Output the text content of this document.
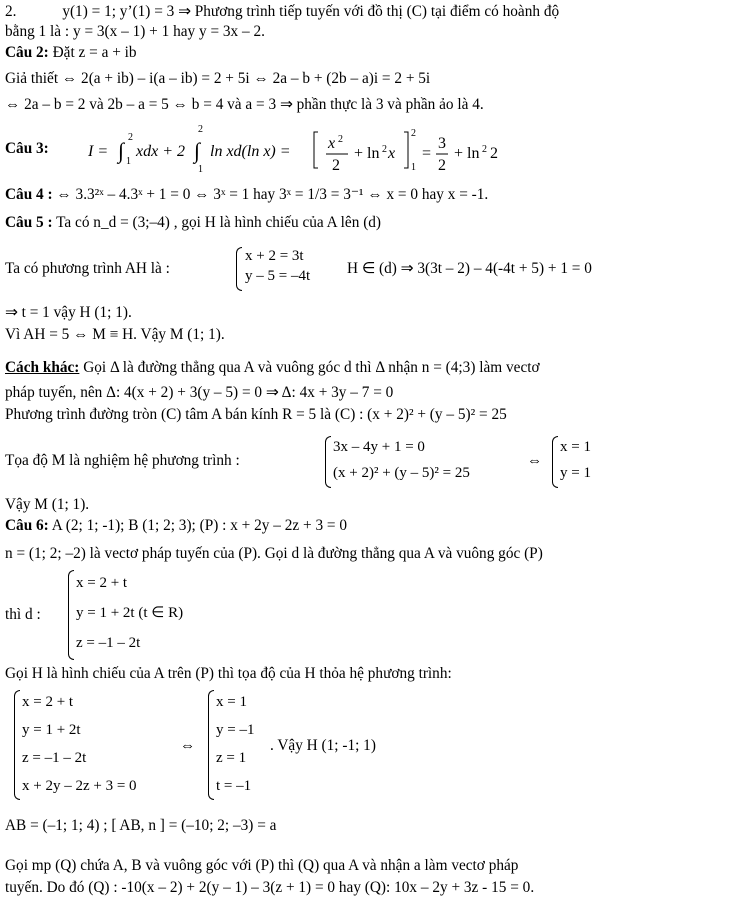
2.	y(1) = 1; y’(1) = 3 ⇒ Phương trình tiếp tuyến với đồ thị (C) tại điểm có hoành độ
bằng 1 là : y = 3(x – 1) + 1 hay y = 3x – 2.
Câu 2: Đặt z = a + ib
Giả thiết ⇔ 2(a + ib) – i(a – ib) = 2 + 5i ⇔ 2a – b + (2b – a)i = 2 + 5i
⇔ 2a – b = 2 và 2b – a = 5 ⇔ b = 4 và a = 3 ⇒ phần thực là 3 và phần ảo là 4.
Câu 3: I = ∫
2
1
xdx + 2 ∫
2
1
ln xd(ln x) = x 2
2
+ ln 2 x
2
1
=
3
2
+ ln 2 2
Câu 4 : ⇔ 3.3²ˣ – 4.3ˣ + 1 = 0 ⇔ 3ˣ = 1 hay 3ˣ = 1/3 = 3⁻¹ ⇔ x = 0 hay x = -1.
Câu 5 : Ta có n_d = (3;–4) , gọi H là hình chiếu của A lên (d)
Ta có phương trình AH là :
x + 2 = 3t
y – 5 = –4t H ∈ (d) ⇒ 3(3t – 2) – 4(-4t + 5) + 1 = 0
⇒ t = 1 vậy H (1; 1).
Vì AH = 5 ⇔ M ≡ H. Vậy M (1; 1).
Cách khác: Gọi Δ là đường thẳng qua A và vuông góc d thì Δ nhận n = (4;3) làm vectơ
pháp tuyến, nên Δ: 4(x + 2) + 3(y – 5) = 0 ⇒ Δ: 4x + 3y – 7 = 0
Phương trình đường tròn (C) tâm A bán kính R = 5 là (C) : (x + 2)² + (y – 5)² = 25
Tọa độ M là nghiệm hệ phương trình :
3x – 4y + 1 = 0
(x + 2)² + (y – 5)² = 25
⇔
x = 1
y = 1
Vậy M (1; 1).
Câu 6: A (2; 1; -1); B (1; 2; 3); (P) : x + 2y – 2z + 3 = 0
n = (1; 2; –2) là vectơ pháp tuyến của (P). Gọi d là đường thẳng qua A và vuông góc (P)
thì d :
x = 2 + t
y = 1 + 2t (t ∈ R)
z = –1 – 2t
Gọi H là hình chiếu của A trên (P) thì tọa độ của H thỏa hệ phương trình:
x = 2 + t
y = 1 + 2t
z = –1 – 2t
x + 2y – 2z + 3 = 0
⇔
x = 1
y = –1
z = 1
t = –1
. Vậy H (1; -1; 1)
AB = (–1; 1; 4) ; [ AB, n ] = (–10; 2; –3) = a
Gọi mp (Q) chứa A, B và vuông góc với (P) thì (Q) qua A và nhận a làm vectơ pháp
tuyến. Do đó (Q) : -10(x – 2) + 2(y – 1) – 3(z + 1) = 0 hay (Q): 10x – 2y + 3z - 15 = 0.
